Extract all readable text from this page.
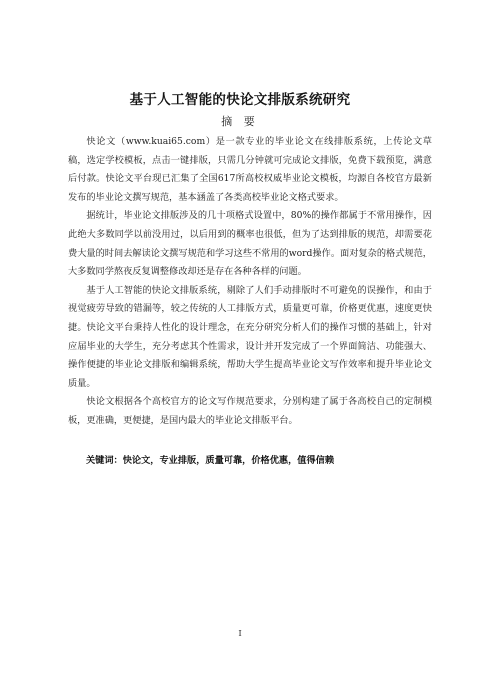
基于人工智能的快论文排版系统研究
摘 要

快论文（www.kuai65.com）是一款专业的毕业论文在线排版系统，上传论文草稿，选定学校模板，点击一键排版，只需几分钟就可完成论文排版，免费下载预览，满意后付款。快论文平台现已汇集了全国617所高校权威毕业论文模板，均源自各校官方最新发布的毕业论文撰写规范，基本涵盖了各类高校毕业论文格式要求。

据统计，毕业论文排版涉及的几十项格式设置中，80%的操作都属于不常用操作，因此绝大多数同学以前没用过，以后用到的概率也很低，但为了达到排版的规范，却需要花费大量的时间去解读论文撰写规范和学习这些不常用的word操作。面对复杂的格式规范，大多数同学熬夜反复调整修改却还是存在各种各样的问题。

基于人工智能的快论文排版系统，剔除了人们手动排版时不可避免的误操作，和由于视觉疲劳导致的错漏等，较之传统的人工排版方式，质量更可靠，价格更优惠，速度更快捷。快论文平台秉持人性化的设计理念，在充分研究分析人们的操作习惯的基础上，针对应届毕业的大学生，充分考虑其个性需求，设计并开发完成了一个界面简洁、功能强大、操作便捷的毕业论文排版和编辑系统，帮助大学生提高毕业论文写作效率和提升毕业论文质量。

快论文根据各个高校官方的论文写作规范要求，分别构建了属于各高校自己的定制模板，更准确，更便捷，是国内最大的毕业论文排版平台。

关键词：快论文，专业排版，质量可靠，价格优惠，值得信赖
I
